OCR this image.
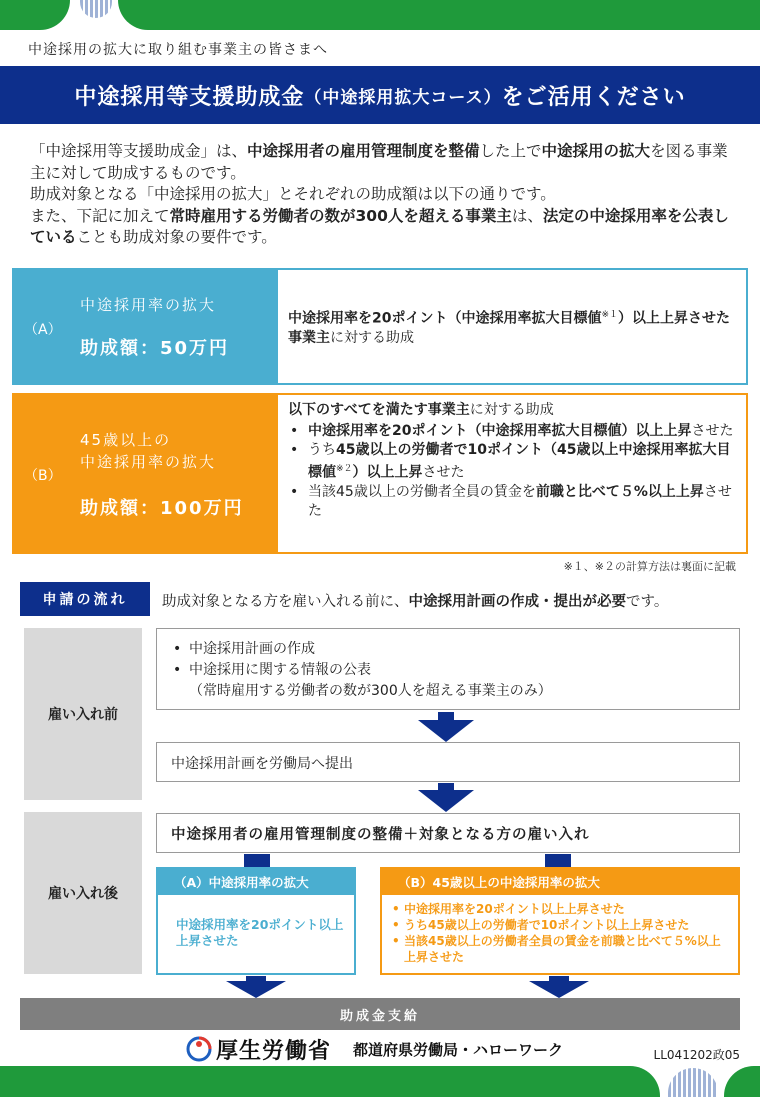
中途採用の拡大に取り組む事業主の皆さまへ
中途採用等支援助成金 （中途採用拡大コース） をご活用ください

「中途採用等支援助成金」は、中途採用者の雇用管理制度を整備した上で中途採用の拡大を図る事業主に対して助成するものです。

助成対象となる「中途採用の拡大」とそれぞれの助成額は以下の通りです。

また、下記に加えて常時雇用する労働者の数が300人を超える事業主は、法定の中途採用率を公表していることも助成対象の要件です。

（A）
中途採用率の拡大
助成額：50万円
中途採用率を20ポイント（中途採用率拡大目標値$^{※1}$）以上上昇させた事業主に対する助成
（B）
45歳以上の
中途採用率の拡大
助成額：100万円
以下のすべてを満たす事業主に対する助成
• 中途採用率を20ポイント（中途採用率拡大目標値）以上上昇させた
• うち45歳以上の労働者で10ポイント（45歳以上中途採用率拡大目標値$^{※2}$）以上上昇させた
• 当該45歳以上の労働者全員の賃金を前職と比べて５%以上上昇させた
※１、※２の計算方法は裏面に記載
申請の流れ	助成対象となる方を雇い入れる前に、中途採用計画の作成・提出が必要です。
雇い入れ前
雇い入れ後
中途採用計画の作成
中途採用に関する情報の公表
（常時雇用する労働者の数が300人を超える事業主のみ）
•
•
中途採用計画を労働局へ提出
中途採用者の雇用管理制度の整備＋対象となる方の雇い入れ
（A）中途採用率の拡大
中途採用率を20ポイント以上上昇させた
（B）45歳以上の中途採用率の拡大
• 中途採用率を20ポイント以上上昇させた
• うち45歳以上の労働者で10ポイント以上上昇させた
• 当該45歳以上の労働者全員の賃金を前職と比べて５%以上上昇させた
助成金支給
厚生労働省 都道府県労働局・ハローワーク	LL041202政05
